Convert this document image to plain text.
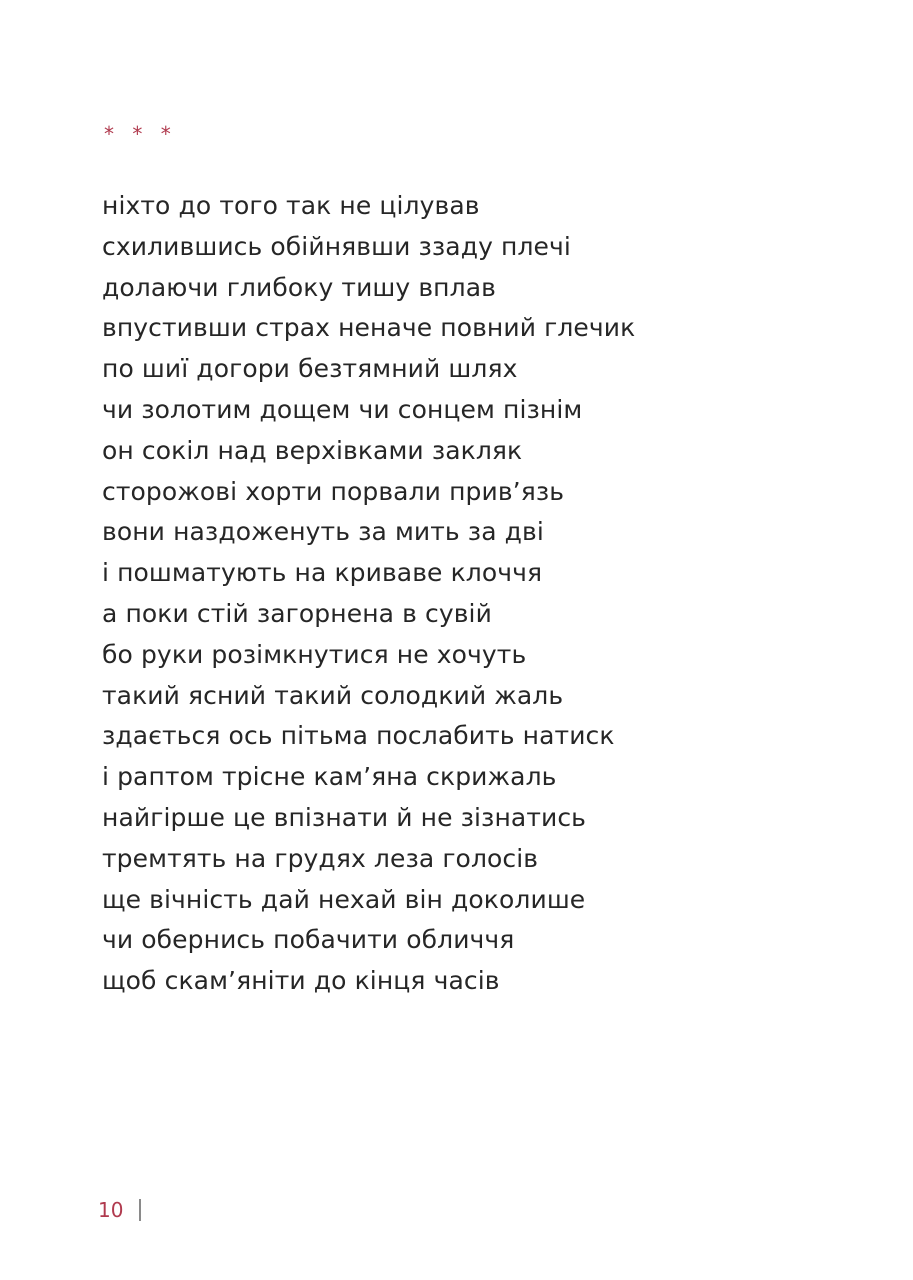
* * *
ніхто до того так не цілував
схилившись обійнявши ззаду плечі
долаючи глибоку тишу вплав
впустивши страх неначе повний глечик
по шиї догори безтямний шлях
чи золотим дощем чи сонцем пізнім
он сокіл над верхівками закляк
сторожові хорти порвали прив’язь
вони наздоженуть за мить за дві
і пошматують на криваве клоччя
а поки стій загорнена в сувій
бо руки розімкнутися не хочуть
такий ясний такий солодкий жаль
здається ось пітьма послабить натиск
і раптом трісне кам’яна скрижаль
найгірше це впізнати й не зізнатись
тремтять на грудях леза голосів
ще вічність дай нехай він доколише
чи обернись побачити обличчя
щоб скам’яніти до кінця часів
10
